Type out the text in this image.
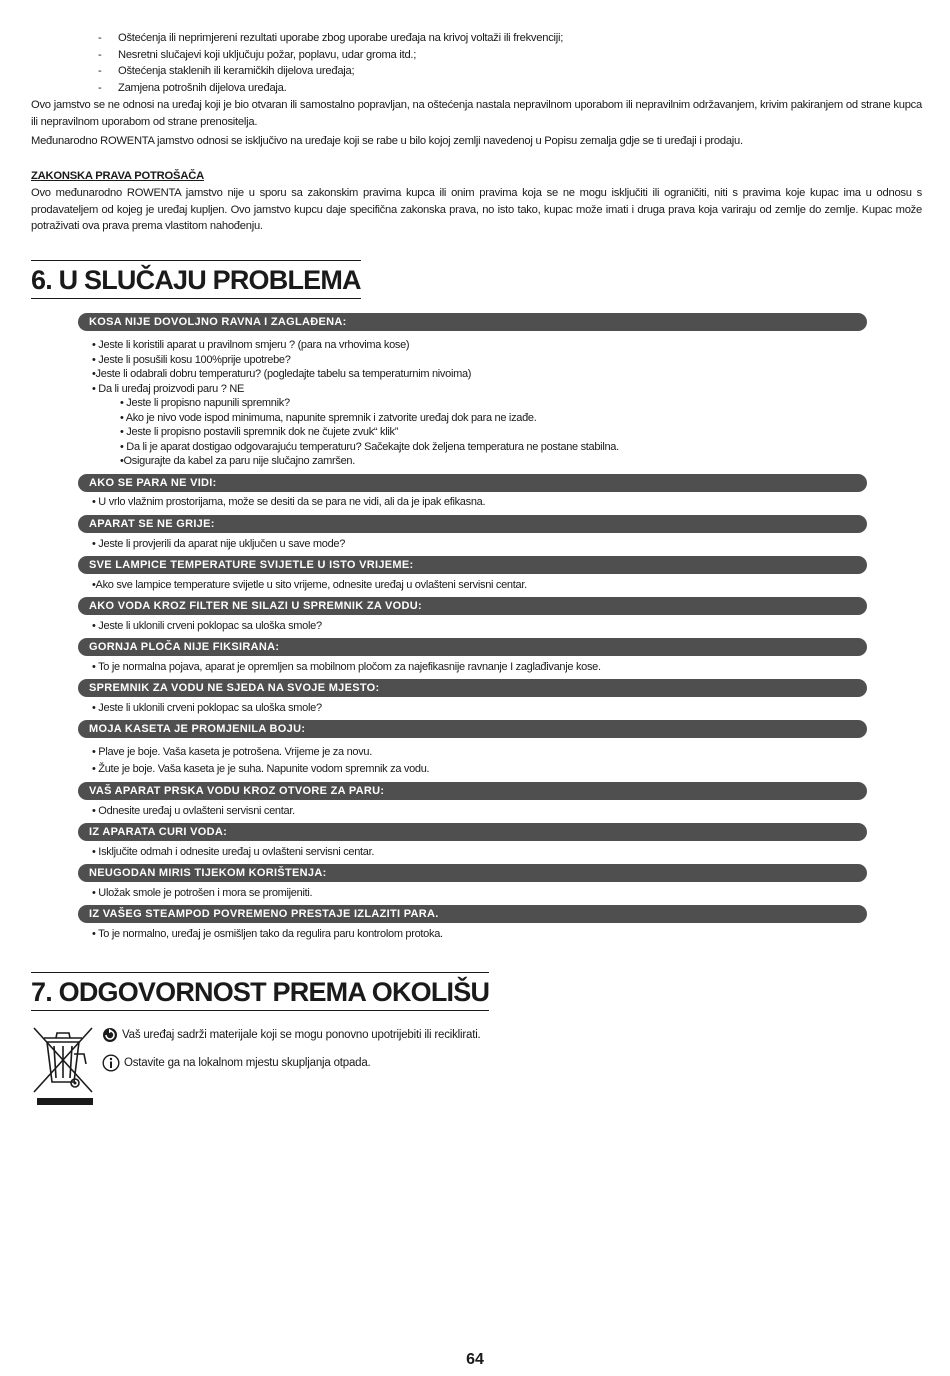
- Oštećenja ili neprimjereni rezultati uporabe zbog uporabe uređaja na krivoj voltaži ili frekvenciji;
- Nesretni slučajevi koji uključuju požar, poplavu, udar groma itd.;
- Oštećenja staklenih ili keramičkih dijelova uređaja;
- Zamjena potrošnih dijelova uređaja.
Ovo jamstvo se ne odnosi na uređaj koji je bio otvaran ili samostalno popravljan, na oštećenja nastala nepravilnom uporabom ili nepravilnim održavanjem, krivim pakiranjem od strane kupca ili nepravilnom uporabom od strane prenositelja.
Međunarodno ROWENTA jamstvo odnosi se isključivo na uređaje koji se rabe u bilo kojoj zemlji navedenoj u Popisu zemalja gdje se ti uređaji i prodaju.
ZAKONSKA PRAVA POTROŠAČA
Ovo međunarodno ROWENTA jamstvo nije u sporu sa zakonskim pravima kupca ili onim pravima koja se ne mogu isključiti ili ograničiti, niti s pravima koje kupac ima u odnosu s prodavateljem od kojeg je uređaj kupljen. Ovo jamstvo kupcu daje specifična zakonska prava, no isto tako, kupac može imati i druga prava koja variraju od zemlje do zemlje. Kupac može potraživati ova prava prema vlastitom nahođenju.
6. U SLUČAJU PROBLEMA
KOSA NIJE DOVOLJNO RAVNA I ZAGLAĐENA:
• Jeste li koristili aparat u pravilnom smjeru ? (para na vrhovima kose)
• Jeste li posušili kosu 100%prije upotrebe?
•Jeste li odabrali dobru temperaturu? (pogledajte tabelu sa temperaturnim nivoima)
• Da li uređaj proizvodi paru ? NE
• Jeste li propisno napunili spremnik?
• Ako je nivo vode ispod minimuma, napunite spremnik i zatvorite uređaj dok para ne izađe.
• Jeste li propisno postavili spremnik dok ne čujete zvuk“ klik”
• Da li je aparat dostigao odgovarajuću temperaturu? Sačekajte dok željena temperatura ne postane stabilna.
•Osigurajte da kabel za paru nije slučajno zamršen.
AKO SE PARA NE VIDI:
• U vrlo vlažnim prostorijama, može se desiti da se para ne vidi, ali da je ipak efikasna.
APARAT SE NE GRIJE:
• Jeste li provjerili da aparat nije uključen u save mode?
SVE LAMPICE TEMPERATURE SVIJETLE U ISTO VRIJEME:
•Ako sve lampice temperature svijetle u sito vrijeme, odnesite uređaj u ovlašteni servisni centar.
AKO VODA KROZ FILTER NE SILAZI U SPREMNIK ZA VODU:
• Jeste li uklonili crveni poklopac sa uloška smole?
GORNJA PLOČA NIJE FIKSIRANA:
• To je normalna pojava, aparat je opremljen sa mobilnom pločom za najefikasnije ravnanje I zaglađivanje kose.
SPREMNIK ZA VODU NE SJEDA NA SVOJE MJESTO:
• Jeste li uklonili crveni poklopac sa uloška smole?
MOJA KASETA JE PROMJENILA BOJU:
• Plave je boje. Vaša kaseta je potrošena. Vrijeme je za novu.
• Žute je boje. Vaša kaseta je je suha. Napunite vodom spremnik za vodu.
VAŠ APARAT PRSKA VODU KROZ OTVORE ZA PARU:
• Odnesite uređaj u ovlašteni servisni centar.
IZ APARATA CURI VODA:
• Isključite odmah i odnesite uređaj u ovlašteni servisni centar.
NEUGODAN MIRIS TIJEKOM KORIŠTENJA:
• Uložak smole je potrošen i mora se promijeniti.
IZ VAŠEG STEAMPOD POVREMENO PRESTAJE IZLAZITI PARA.
• To je normalno, uređaj je osmišljen tako da regulira paru kontrolom protoka.
7. ODGOVORNOST PREMA OKOLIŠU
Vaš uređaj sadrži materijale koji se mogu ponovno upotrijebiti ili reciklirati.
Ostavite ga na lokalnom mjestu skupljanja otpada.
64
